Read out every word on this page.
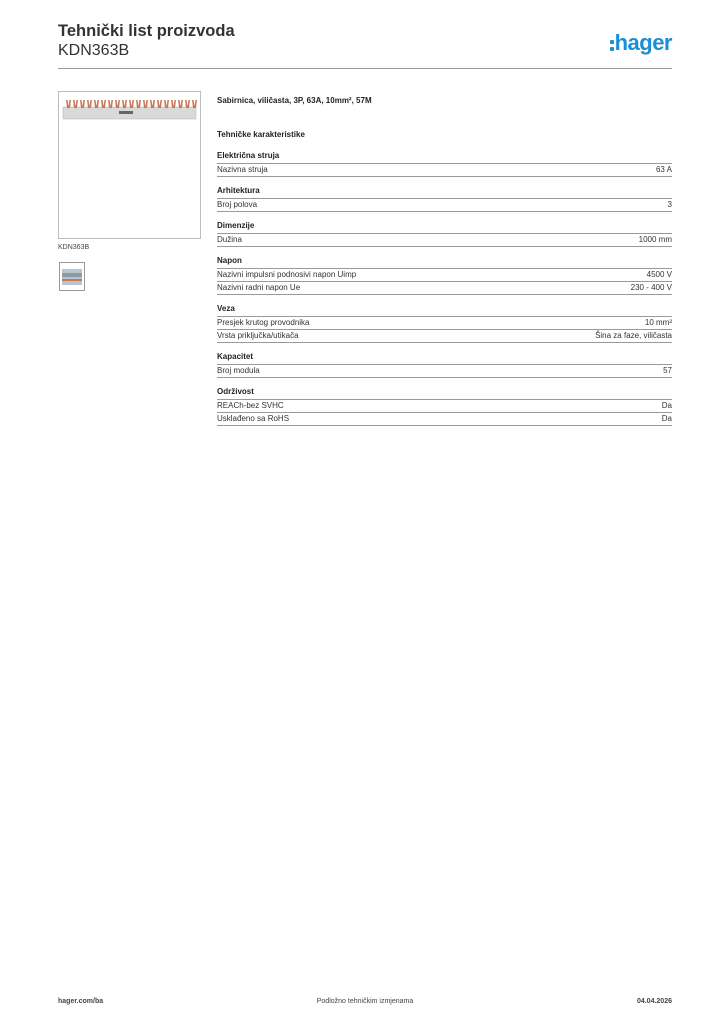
Tehnički list proizvoda
KDN363B	hager
KDN363B
Sabirnica, viličasta, 3P, 63A, 10mm², 57M
Tehničke karakteristike
Električna struja
Nazivna struja	63 A
Arhitektura
Broj polova	3
Dimenzije
Dužina	1000 mm
Napon
Nazivni impulsni podnosivi napon Uimp	4500 V
Nazivni radni napon Ue	230 - 400 V
Veza
Presjek krutog provodnika	10 mm²
Vrsta priključka/utikača	Šina za faze, viličasta
Kapacitet
Broj modula	57
Održivost
REACh-bez SVHC	Da
Usklađeno sa RoHS	Da
hager.com/ba	Podložno tehničkim izmjenama	04.04.2026
